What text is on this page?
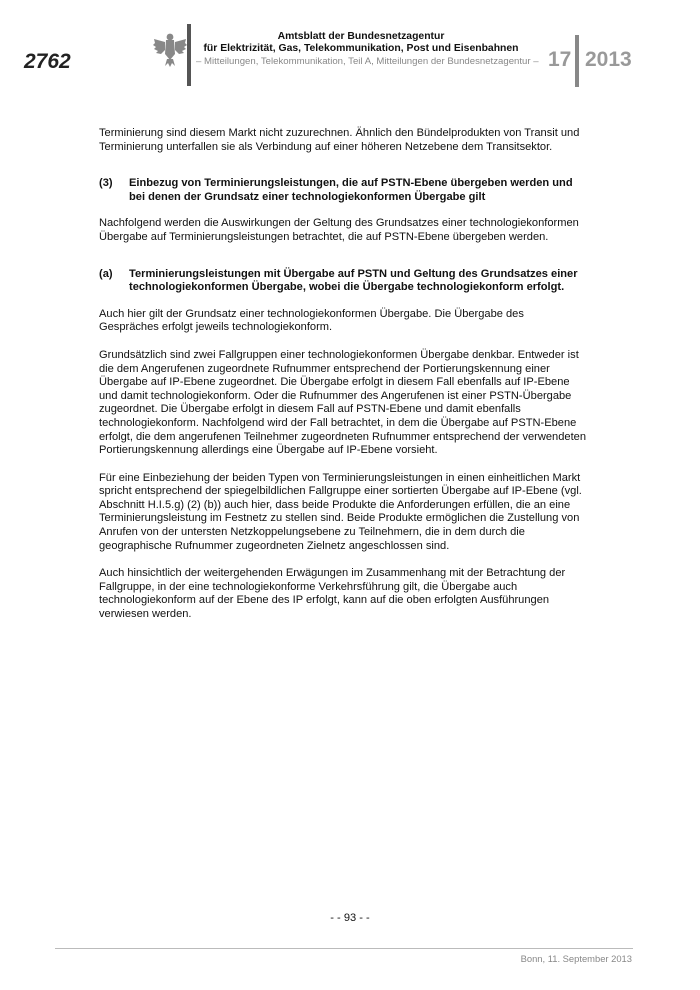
2762
Amtsblatt der Bundesnetzagentur
für Elektrizität, Gas, Telekommunikation, Post und Eisenbahnen
– Mitteilungen, Telekommunikation, Teil A, Mitteilungen der Bundesnetzagentur – 17 2013

Terminierung sind diesem Markt nicht zuzurechnen. Ähnlich den Bündelprodukten von Transit und Terminierung unterfallen sie als Verbindung auf einer höheren Netzebene dem Transitsektor.

(3)	Einbezug von Terminierungsleistungen, die auf PSTN-Ebene übergeben werden und bei denen der Grundsatz einer technologiekonformen Übergabe gilt

Nachfolgend werden die Auswirkungen der Geltung des Grundsatzes einer technologiekonformen Übergabe auf Terminierungsleistungen betrachtet, die auf PSTN-Ebene übergeben werden.

(a)	Terminierungsleistungen mit Übergabe auf PSTN und Geltung des Grundsatzes einer technologiekonformen Übergabe, wobei die Übergabe technologiekonform erfolgt.

Auch hier gilt der Grundsatz einer technologiekonformen Übergabe. Die Übergabe des Gespräches erfolgt jeweils technologiekonform.

Grundsätzlich sind zwei Fallgruppen einer technologiekonformen Übergabe denkbar. Entweder ist die dem Angerufenen zugeordnete Rufnummer entsprechend der Portierungskennung einer Übergabe auf IP-Ebene zugeordnet. Die Übergabe erfolgt in diesem Fall ebenfalls auf IP-Ebene und damit technologiekonform. Oder die Rufnummer des Angerufenen ist einer PSTN-Übergabe zugeordnet. Die Übergabe erfolgt in diesem Fall auf PSTN-Ebene und damit ebenfalls technologiekonform. Nachfolgend wird der Fall betrachtet, in dem die Übergabe auf PSTN-Ebene erfolgt, die dem angerufenen Teilnehmer zugeordneten Rufnummer entsprechend der verwendeten Portierungskennung allerdings eine Übergabe auf IP-Ebene vorsieht.

Für eine Einbeziehung der beiden Typen von Terminierungsleistungen in einen einheitlichen Markt spricht entsprechend der spiegelbildlichen Fallgruppe einer sortierten Übergabe auf IP-Ebene (vgl. Abschnitt H.I.5.g) (2) (b)) auch hier, dass beide Produkte die Anforderungen erfüllen, die an eine Terminierungsleistung im Festnetz zu stellen sind. Beide Produkte ermöglichen die Zustellung von Anrufen von der untersten Netzkoppelungsebene zu Teilnehmern, die in dem durch die geographische Rufnummer zugeordneten Zielnetz angeschlossen sind.

Auch hinsichtlich der weitergehenden Erwägungen im Zusammenhang mit der Betrachtung der Fallgruppe, in der eine technologiekonforme Verkehrsführung gilt, die Übergabe auch technologiekonform auf der Ebene des IP erfolgt, kann auf die oben erfolgten Ausführungen verwiesen werden.

- - 93 - -
Bonn, 11. September 2013
